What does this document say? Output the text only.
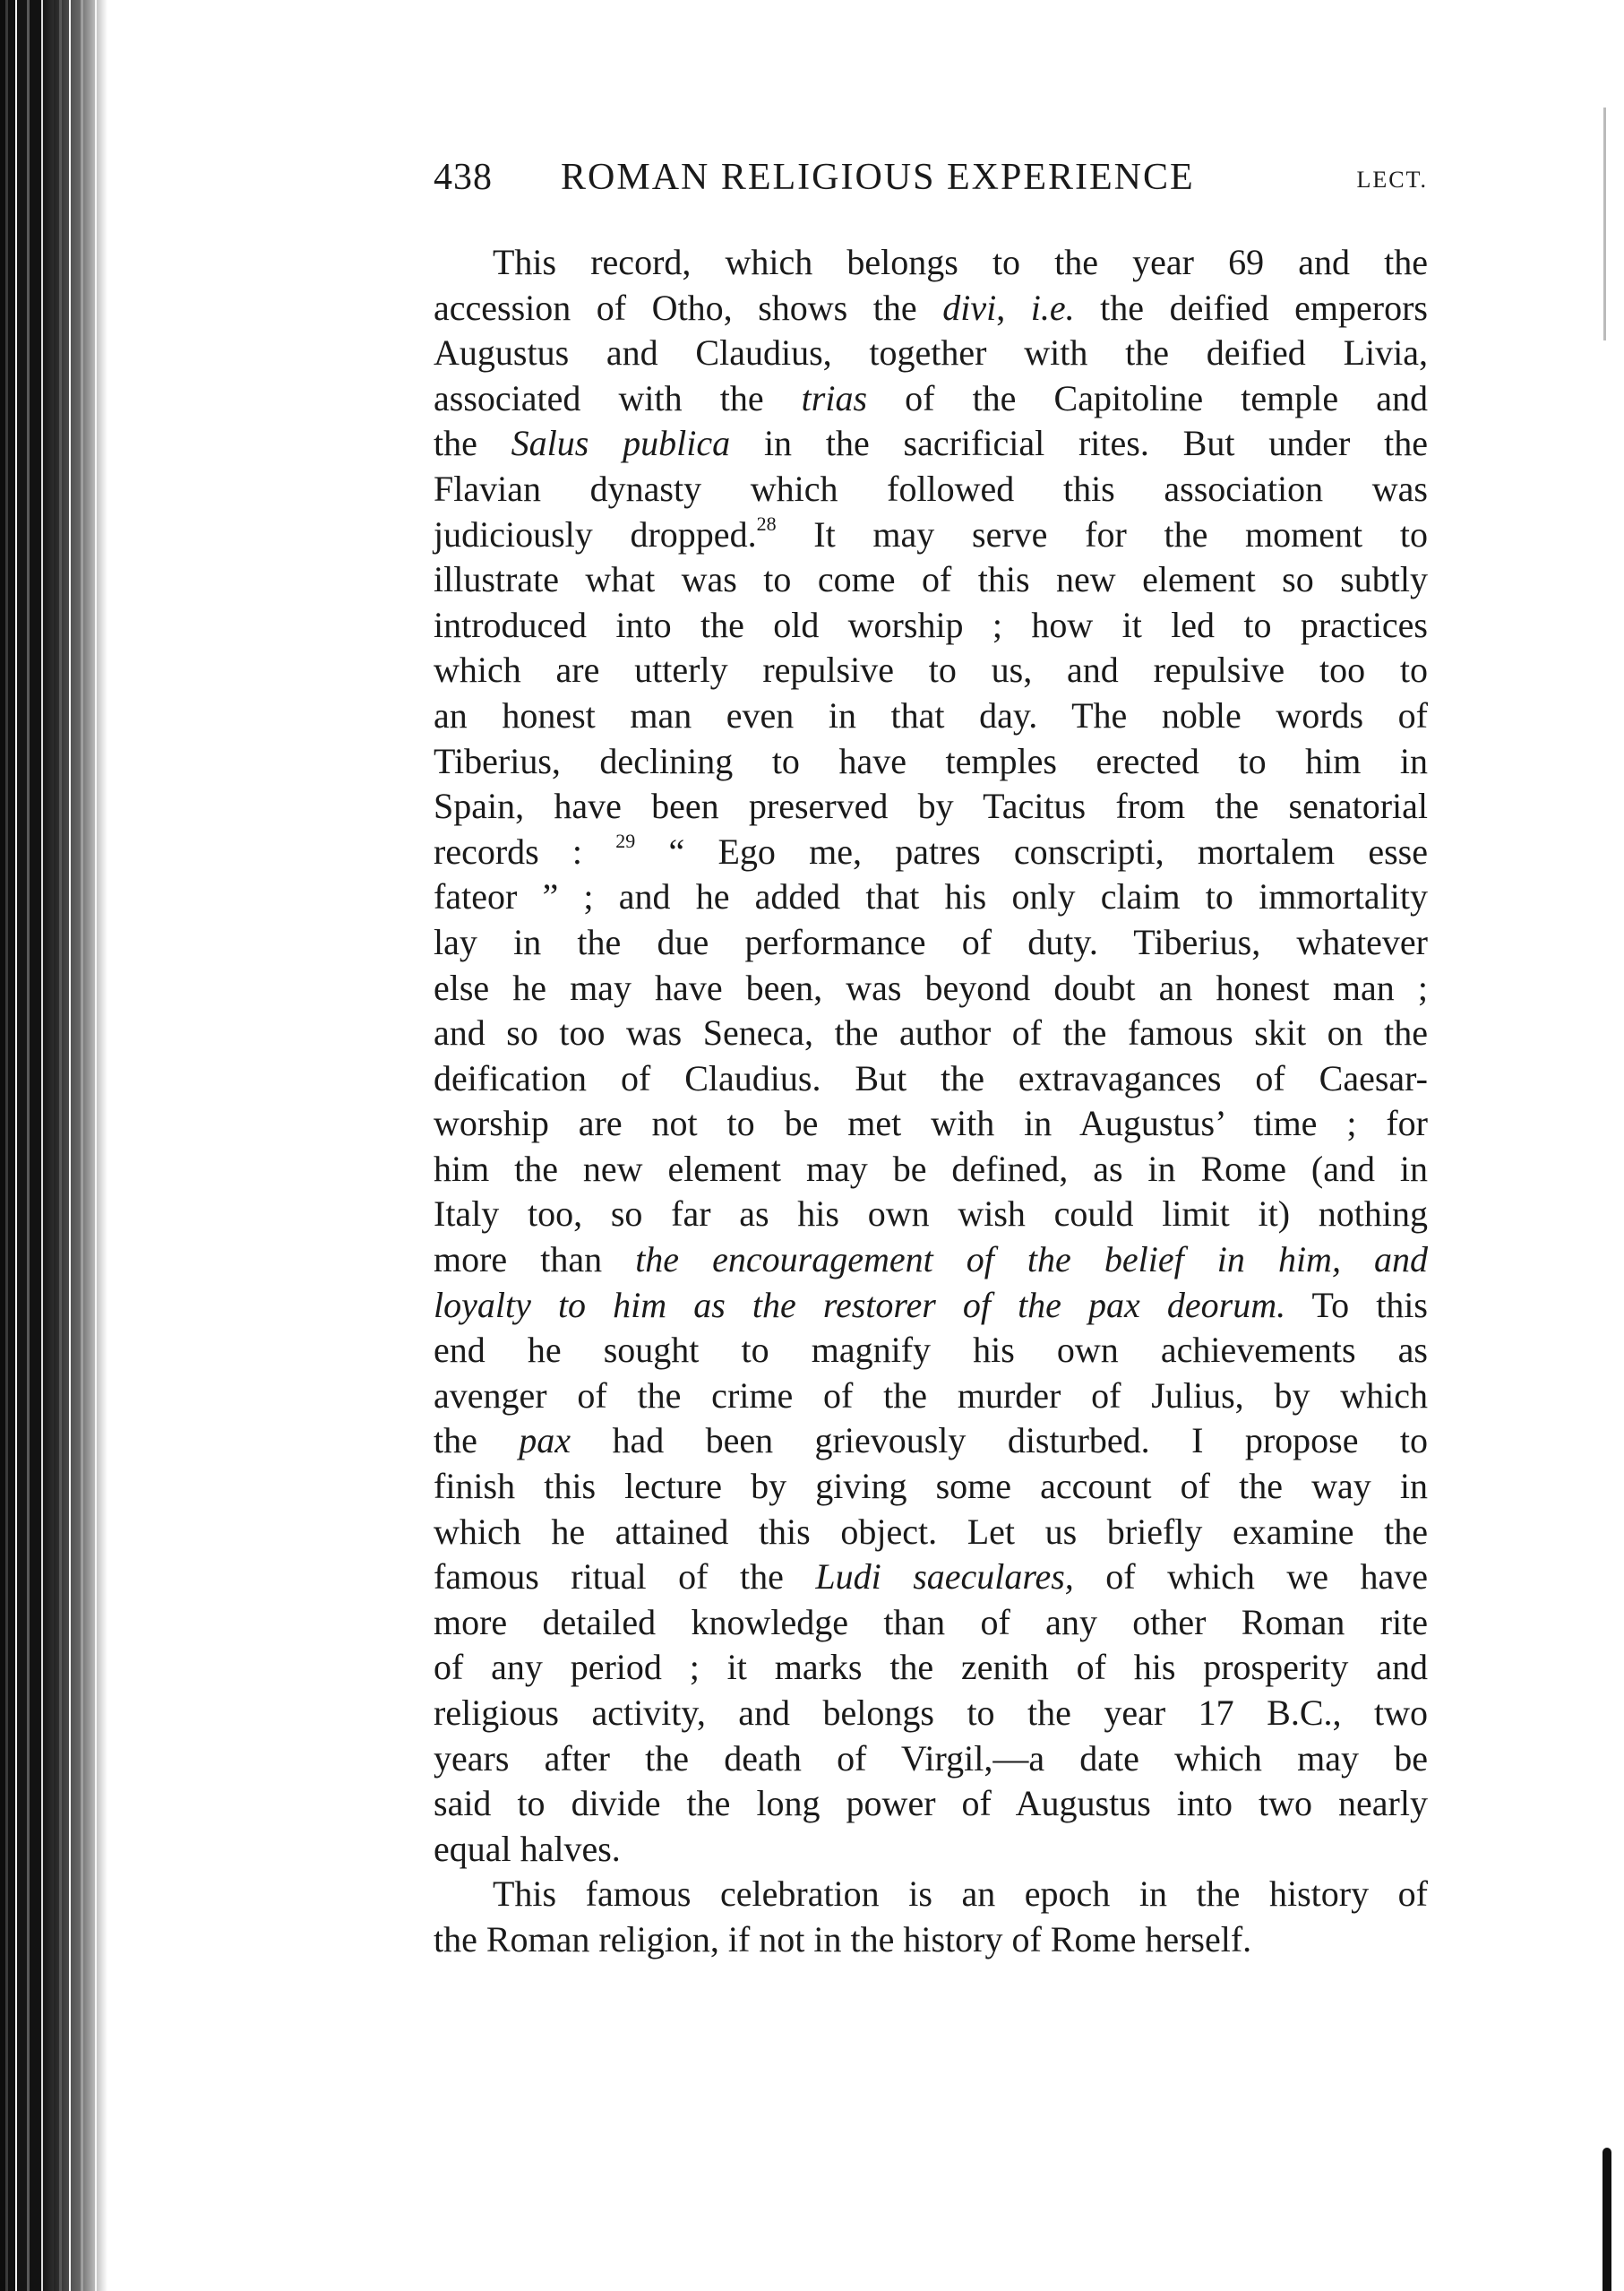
438 ROMAN RELIGIOUS EXPERIENCE	LECT.
This record, which belongs to the year 69 and the
accession of Otho, shows the divi, i.e. the deified emperors
Augustus and Claudius, together with the deified Livia,
associated with the trias of the Capitoline temple and
the Salus publica in the sacrificial rites. But under the
Flavian dynasty which followed this association was
judiciously dropped.$^{28}$ It may serve for the moment to
illustrate what was to come of this new element so subtly
introduced into the old worship ; how it led to practices
which are utterly repulsive to us, and repulsive too to
an honest man even in that day. The noble words of
Tiberius, declining to have temples erected to him in
Spain, have been preserved by Tacitus from the senatorial
records : $^{29}$ “ Ego me, patres conscripti, mortalem esse
fateor ” ; and he added that his only claim to immortality
lay in the due performance of duty. Tiberius, whatever
else he may have been, was beyond doubt an honest man ;
and so too was Seneca, the author of the famous skit on the
deification of Claudius. But the extravagances of Caesar-
worship are not to be met with in Augustus’ time ; for
him the new element may be defined, as in Rome (and in
Italy too, so far as his own wish could limit it) nothing
more than the encouragement of the belief in him, and
loyalty to him as the restorer of the pax deorum. To this
end he sought to magnify his own achievements as
avenger of the crime of the murder of Julius, by which
the pax had been grievously disturbed. I propose to
finish this lecture by giving some account of the way in
which he attained this object. Let us briefly examine the
famous ritual of the Ludi saeculares, of which we have
more detailed knowledge than of any other Roman rite
of any period ; it marks the zenith of his prosperity and
religious activity, and belongs to the year 17 B.C., two
years after the death of Virgil,—a date which may be
said to divide the long power of Augustus into two nearly
equal halves.
This famous celebration is an epoch in the history of
the Roman religion, if not in the history of Rome herself.
